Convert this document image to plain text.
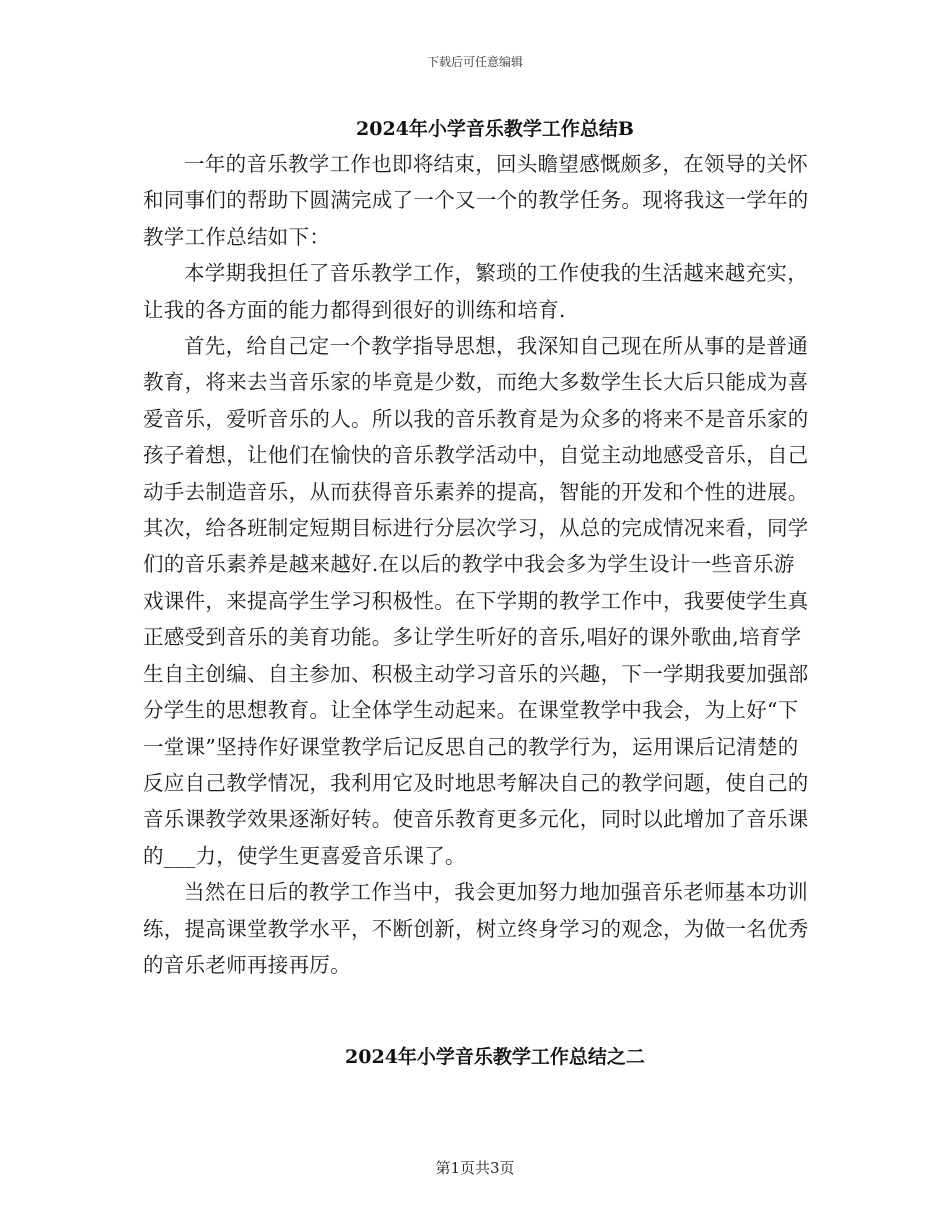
下载后可任意编辑
2024年小学音乐教学工作总结B

一年的音乐教学工作也即将结束，回头瞻望感慨颇多，在领导的关怀和同事们的帮助下圆满完成了一个又一个的教学任务。现将我这一学年的教学工作总结如下：

本学期我担任了音乐教学工作，繁琐的工作使我的生活越来越充实，让我的各方面的能力都得到很好的训练和培育.

首先，给自己定一个教学指导思想，我深知自己现在所从事的是普通教育，将来去当音乐家的毕竟是少数，而绝大多数学生长大后只能成为喜爱音乐，爱听音乐的人。所以我的音乐教育是为众多的将来不是音乐家的孩子着想，让他们在愉快的音乐教学活动中，自觉主动地感受音乐，自己动手去制造音乐，从而获得音乐素养的提高，智能的开发和个性的进展。其次，给各班制定短期目标进行分层次学习，从总的完成情况来看，同学们的音乐素养是越来越好.在以后的教学中我会多为学生设计一些音乐游戏课件，来提高学生学习积极性。在下学期的教学工作中，我要使学生真正感受到音乐的美育功能。多让学生听好的音乐,唱好的课外歌曲,培育学生自主创编、自主参加、积极主动学习音乐的兴趣，下一学期我要加强部分学生的思想教育。让全体学生动起来。在课堂教学中我会，为上好“下一堂课”坚持作好课堂教学后记反思自己的教学行为，运用课后记清楚的反应自己教学情况，我利用它及时地思考解决自己的教学问题，使自己的音乐课教学效果逐渐好转。使音乐教育更多元化，同时以此增加了音乐课的___力，使学生更喜爱音乐课了。

当然在日后的教学工作当中，我会更加努力地加强音乐老师基本功训练，提高课堂教学水平，不断创新，树立终身学习的观念，为做一名优秀的音乐老师再接再厉。

2024年小学音乐教学工作总结之二
第1页共3页
